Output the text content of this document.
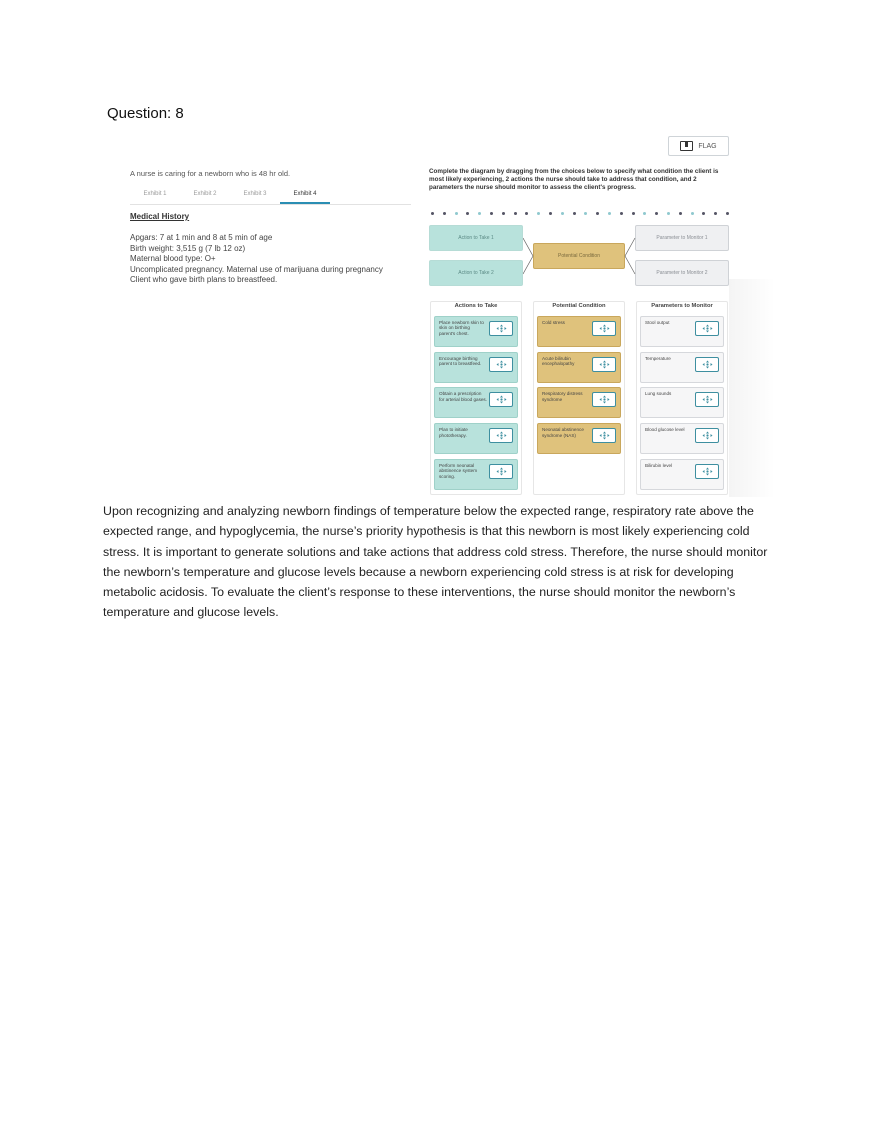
Question: 8
FLAG
A nurse is caring for a newborn who is 48 hr old.
Exhibit 1	Exhibit 2	Exhibit 3	Exhibit 4
Medical History
Apgars: 7 at 1 min and 8 at 5 min of age
Birth weight: 3,515 g (7 lb 12 oz)
Maternal blood type: O+
Uncomplicated pregnancy. Maternal use of marijuana during pregnancy
Client who gave birth plans to breastfeed.
Complete the diagram by dragging from the choices below to specify what condition the client is most likely experiencing, 2 actions the nurse should take to address that condition, and 2 parameters the nurse should monitor to assess the client's progress.
Action to Take 1
Action to Take 2
Potential Condition
Parameter to Monitor 1
Parameter to Monitor 2
Actions to Take	Potential Condition	Parameters to Monitor
Place newborn skin to skin on birthing parent's chest.
Encourage birthing parent to breastfeed.
Obtain a prescription for arterial blood gases.
Plan to initiate phototherapy.
Perform neonatal abstinence system scoring.
Cold stress
Acute bilirubin encephalopathy
Respiratory distress syndrome
Neonatal abstinence syndrome (NAS)
Stool output
Temperature
Lung sounds
Blood glucose level
Bilirubin level
Upon recognizing and analyzing newborn findings of temperature below the expected range, respiratory rate above the expected range, and hypoglycemia, the nurse’s priority hypothesis is that this newborn is most likely experiencing cold stress. It is important to generate solutions and take actions that address cold stress. Therefore, the nurse should monitor the newborn’s temperature and glucose levels because a newborn experiencing cold stress is at risk for developing metabolic acidosis. To evaluate the client’s response to these interventions, the nurse should monitor the newborn’s temperature and glucose levels.
